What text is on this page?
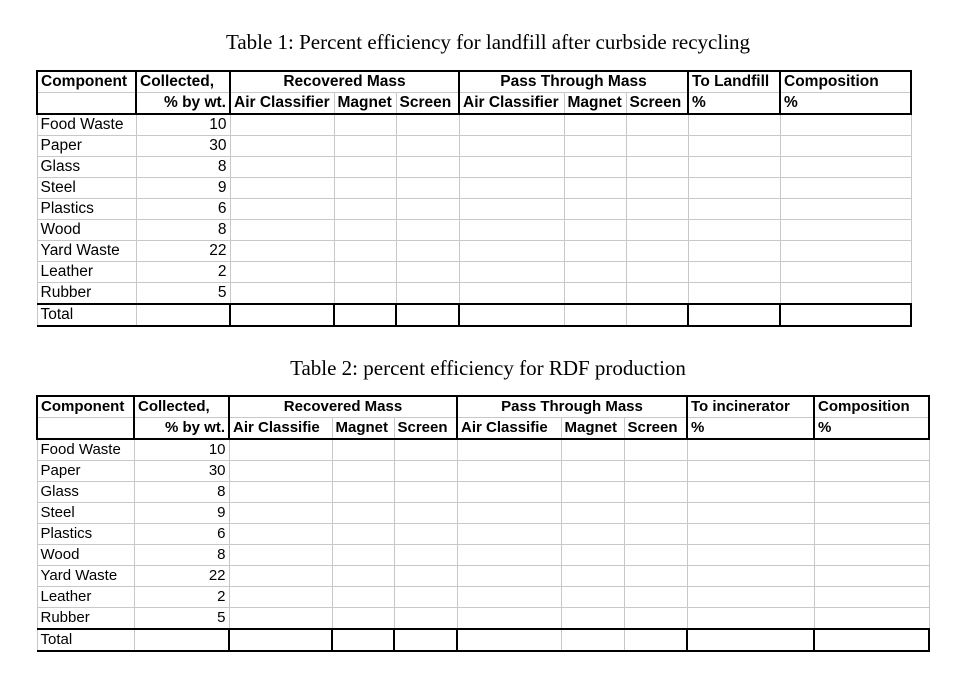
Table 1: Percent efficiency for landfill after curbside recycling
Component	Collected,	Recovered Mass			Pass Through Mass			To Landfill	Composition
	% by wt.	Air Classifier	Magnet	Screen	Air Classifier	Magnet	Screen	%	%
Food Waste	10								
Paper	30								
Glass	8								
Steel	9								
Plastics	6								
Wood	8								
Yard Waste	22								
Leather	2								
Rubber	5								
Total									
Table 2: percent efficiency for RDF production
Component	Collected,	Recovered Mass			Pass Through Mass			To incinerator	Composition
	% by wt.	Air Classifie	Magnet	Screen	Air Classifie	Magnet	Screen	%	%
Food Waste	10								
Paper	30								
Glass	8								
Steel	9								
Plastics	6								
Wood	8								
Yard Waste	22								
Leather	2								
Rubber	5								
Total									
